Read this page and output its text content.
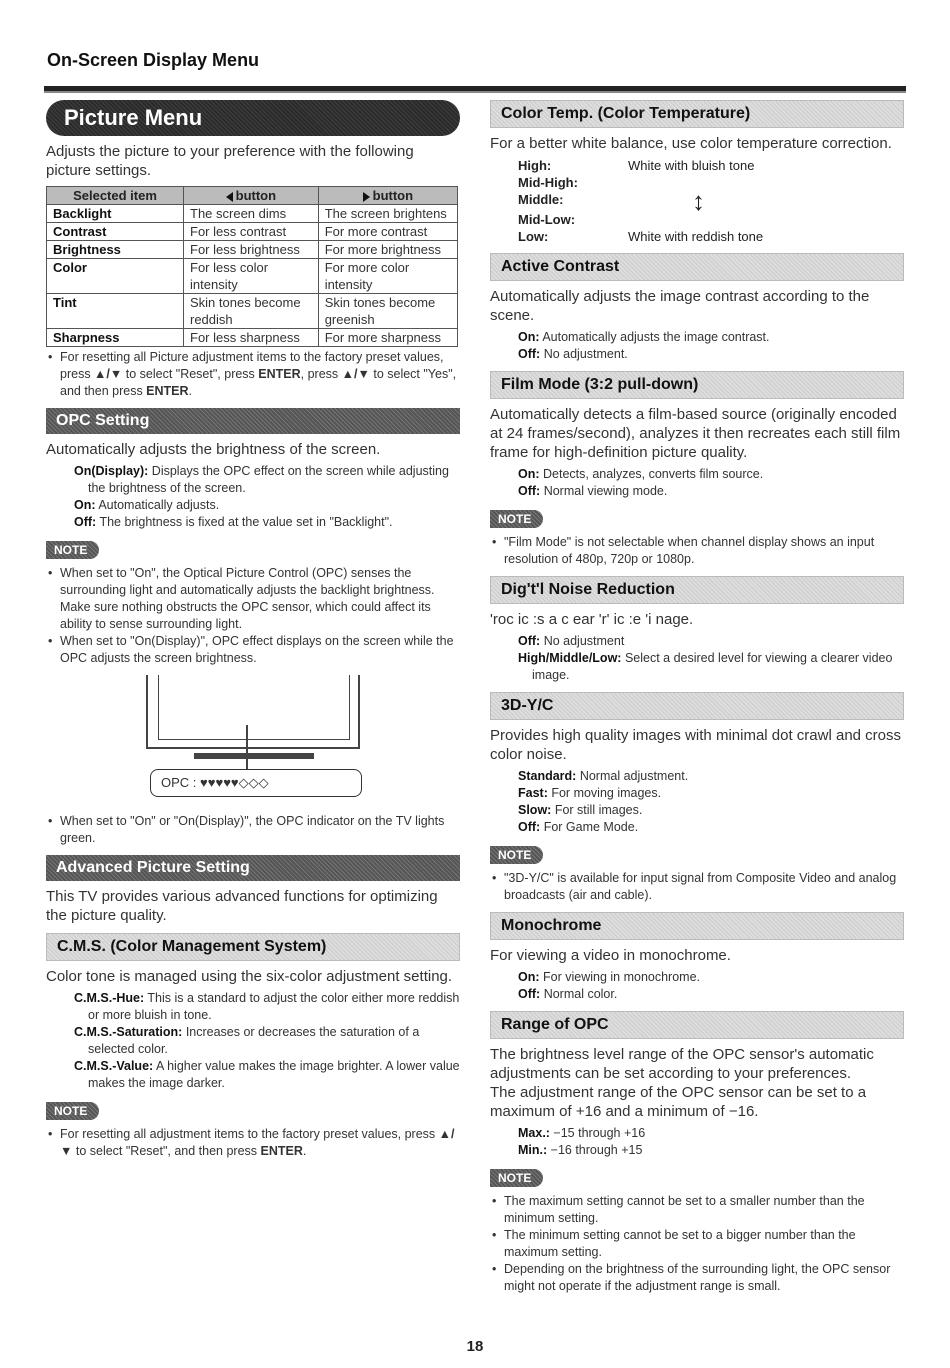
On-Screen Display Menu
Picture Menu

Adjusts the picture to your preference with the following picture settings.

Selected item	button	button
Backlight	The screen dims	The screen brightens
Contrast	For less contrast	For more contrast
Brightness	For less brightness	For more brightness
Color	For less color intensity	For more color intensity
Tint	Skin tones become reddish	Skin tones become greenish
Sharpness	For less sharpness	For more sharpness
• For resetting all Picture adjustment items to the factory preset values, press ▲/▼ to select "Reset", press ENTER, press ▲/▼ to select "Yes", and then press ENTER.
OPC Setting

Automatically adjusts the brightness of the screen.

On(Display): Displays the OPC effect on the screen while adjusting the brightness of the screen.
On: Automatically adjusts.
Off: The brightness is fixed at the value set in "Backlight".
NOTE
• When set to "On", the Optical Picture Control (OPC) senses the surrounding light and automatically adjusts the backlight brightness. Make sure nothing obstructs the OPC sensor, which could affect its ability to sense surrounding light.
• When set to "On(Display)", OPC effect displays on the screen while the OPC adjusts the screen brightness.
OPC : ♥♥♥♥♥◇◇◇
• When set to "On" or "On(Display)", the OPC indicator on the TV lights green.
Advanced Picture Setting

This TV provides various advanced functions for optimizing the picture quality.

C.M.S. (Color Management System)

Color tone is managed using the six-color adjustment setting.

C.M.S.-Hue: This is a standard to adjust the color either more reddish or more bluish in tone.
C.M.S.-Saturation: Increases or decreases the saturation of a selected color.
C.M.S.-Value: A higher value makes the image brighter. A lower value makes the image darker.
NOTE
• For resetting all adjustment items to the factory preset values, press ▲/▼ to select "Reset", and then press ENTER.
Color Temp. (Color Temperature)

For a better white balance, use color temperature correction.

High:	White with bluish tone
Mid-High:
Middle:	↕
Mid-Low:
Low:	White with reddish tone
Active Contrast

Automatically adjusts the image contrast according to the scene.

On: Automatically adjusts the image contrast.
Off: No adjustment.
Film Mode (3:2 pull-down)

Automatically detects a film-based source (originally encoded at 24 frames/second), analyzes it then recreates each still film frame for high-definition picture quality.

On: Detects, analyzes, converts film source.
Off: Normal viewing mode.
NOTE
• "Film Mode" is not selectable when channel display shows an input resolution of 480p, 720p or 1080p.
Dig't'l Noise Reduction

'roc ic :s a c ear 'r' ic :e 'i nage.

Off: No adjustment
High/Middle/Low: Select a desired level for viewing a clearer video image.
3D-Y/C

Provides high quality images with minimal dot crawl and cross color noise.

Standard: Normal adjustment.
Fast: For moving images.
Slow: For still images.
Off: For Game Mode.
NOTE
• "3D-Y/C" is available for input signal from Composite Video and analog broadcasts (air and cable).
Monochrome

For viewing a video in monochrome.

On: For viewing in monochrome.
Off: Normal color.
Range of OPC

The brightness level range of the OPC sensor's automatic adjustments can be set according to your preferences.

The adjustment range of the OPC sensor can be set to a maximum of +16 and a minimum of −16.

Max.: −15 through +16
Min.: −16 through +15
NOTE
• The maximum setting cannot be set to a smaller number than the minimum setting.
• The minimum setting cannot be set to a bigger number than the maximum setting.
• Depending on the brightness of the surrounding light, the OPC sensor might not operate if the adjustment range is small.
18
